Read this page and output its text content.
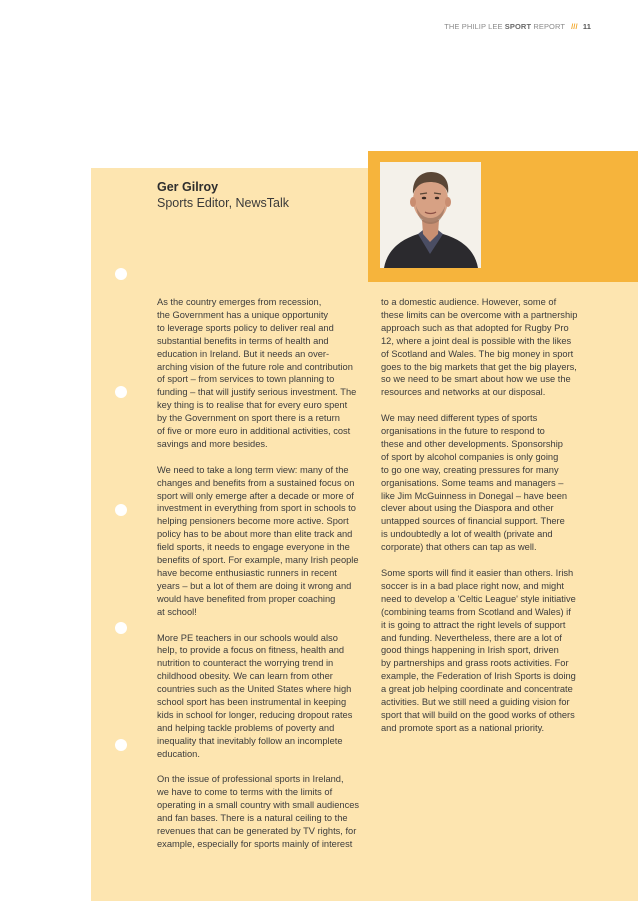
THE PHILIP LEE SPORT REPORT /// 11
Ger Gilroy
Sports Editor, NewsTalk

As the country emerges from recession,
the Government has a unique opportunity
to leverage sports policy to deliver real and
substantial benefits in terms of health and
education in Ireland. But it needs an over-
arching vision of the future role and contribution
of sport – from services to town planning to
funding – that will justify serious investment. The
key thing is to realise that for every euro spent
by the Government on sport there is a return
of five or more euro in additional activities, cost
savings and more besides.

We need to take a long term view: many of the
changes and benefits from a sustained focus on
sport will only emerge after a decade or more of
investment in everything from sport in schools to
helping pensioners become more active. Sport
policy has to be about more than elite track and
field sports, it needs to engage everyone in the
benefits of sport. For example, many Irish people
have become enthusiastic runners in recent
years – but a lot of them are doing it wrong and
would have benefited from proper coaching
at school!

More PE teachers in our schools would also
help, to provide a focus on fitness, health and
nutrition to counteract the worrying trend in
childhood obesity. We can learn from other
countries such as the United States where high
school sport has been instrumental in keeping
kids in school for longer, reducing dropout rates
and helping tackle problems of poverty and
inequality that inevitably follow an incomplete
education.

On the issue of professional sports in Ireland,
we have to come to terms with the limits of
operating in a small country with small audiences
and fan bases. There is a natural ceiling to the
revenues that can be generated by TV rights, for
example, especially for sports mainly of interest

to a domestic audience. However, some of
these limits can be overcome with a partnership
approach such as that adopted for Rugby Pro
12, where a joint deal is possible with the likes
of Scotland and Wales. The big money in sport
goes to the big markets that get the big players,
so we need to be smart about how we use the
resources and networks at our disposal.

We may need different types of sports
organisations in the future to respond to
these and other developments. Sponsorship
of sport by alcohol companies is only going
to go one way, creating pressures for many
organisations. Some teams and managers –
like Jim McGuinness in Donegal – have been
clever about using the Diaspora and other
untapped sources of financial support. There
is undoubtedly a lot of wealth (private and
corporate) that others can tap as well.

Some sports will find it easier than others. Irish
soccer is in a bad place right now, and might
need to develop a 'Celtic League' style initiative
(combining teams from Scotland and Wales) if
it is going to attract the right levels of support
and funding. Nevertheless, there are a lot of
good things happening in Irish sport, driven
by partnerships and grass roots activities. For
example, the Federation of Irish Sports is doing
a great job helping coordinate and concentrate
activities. But we still need a guiding vision for
sport that will build on the good works of others
and promote sport as a national priority.
